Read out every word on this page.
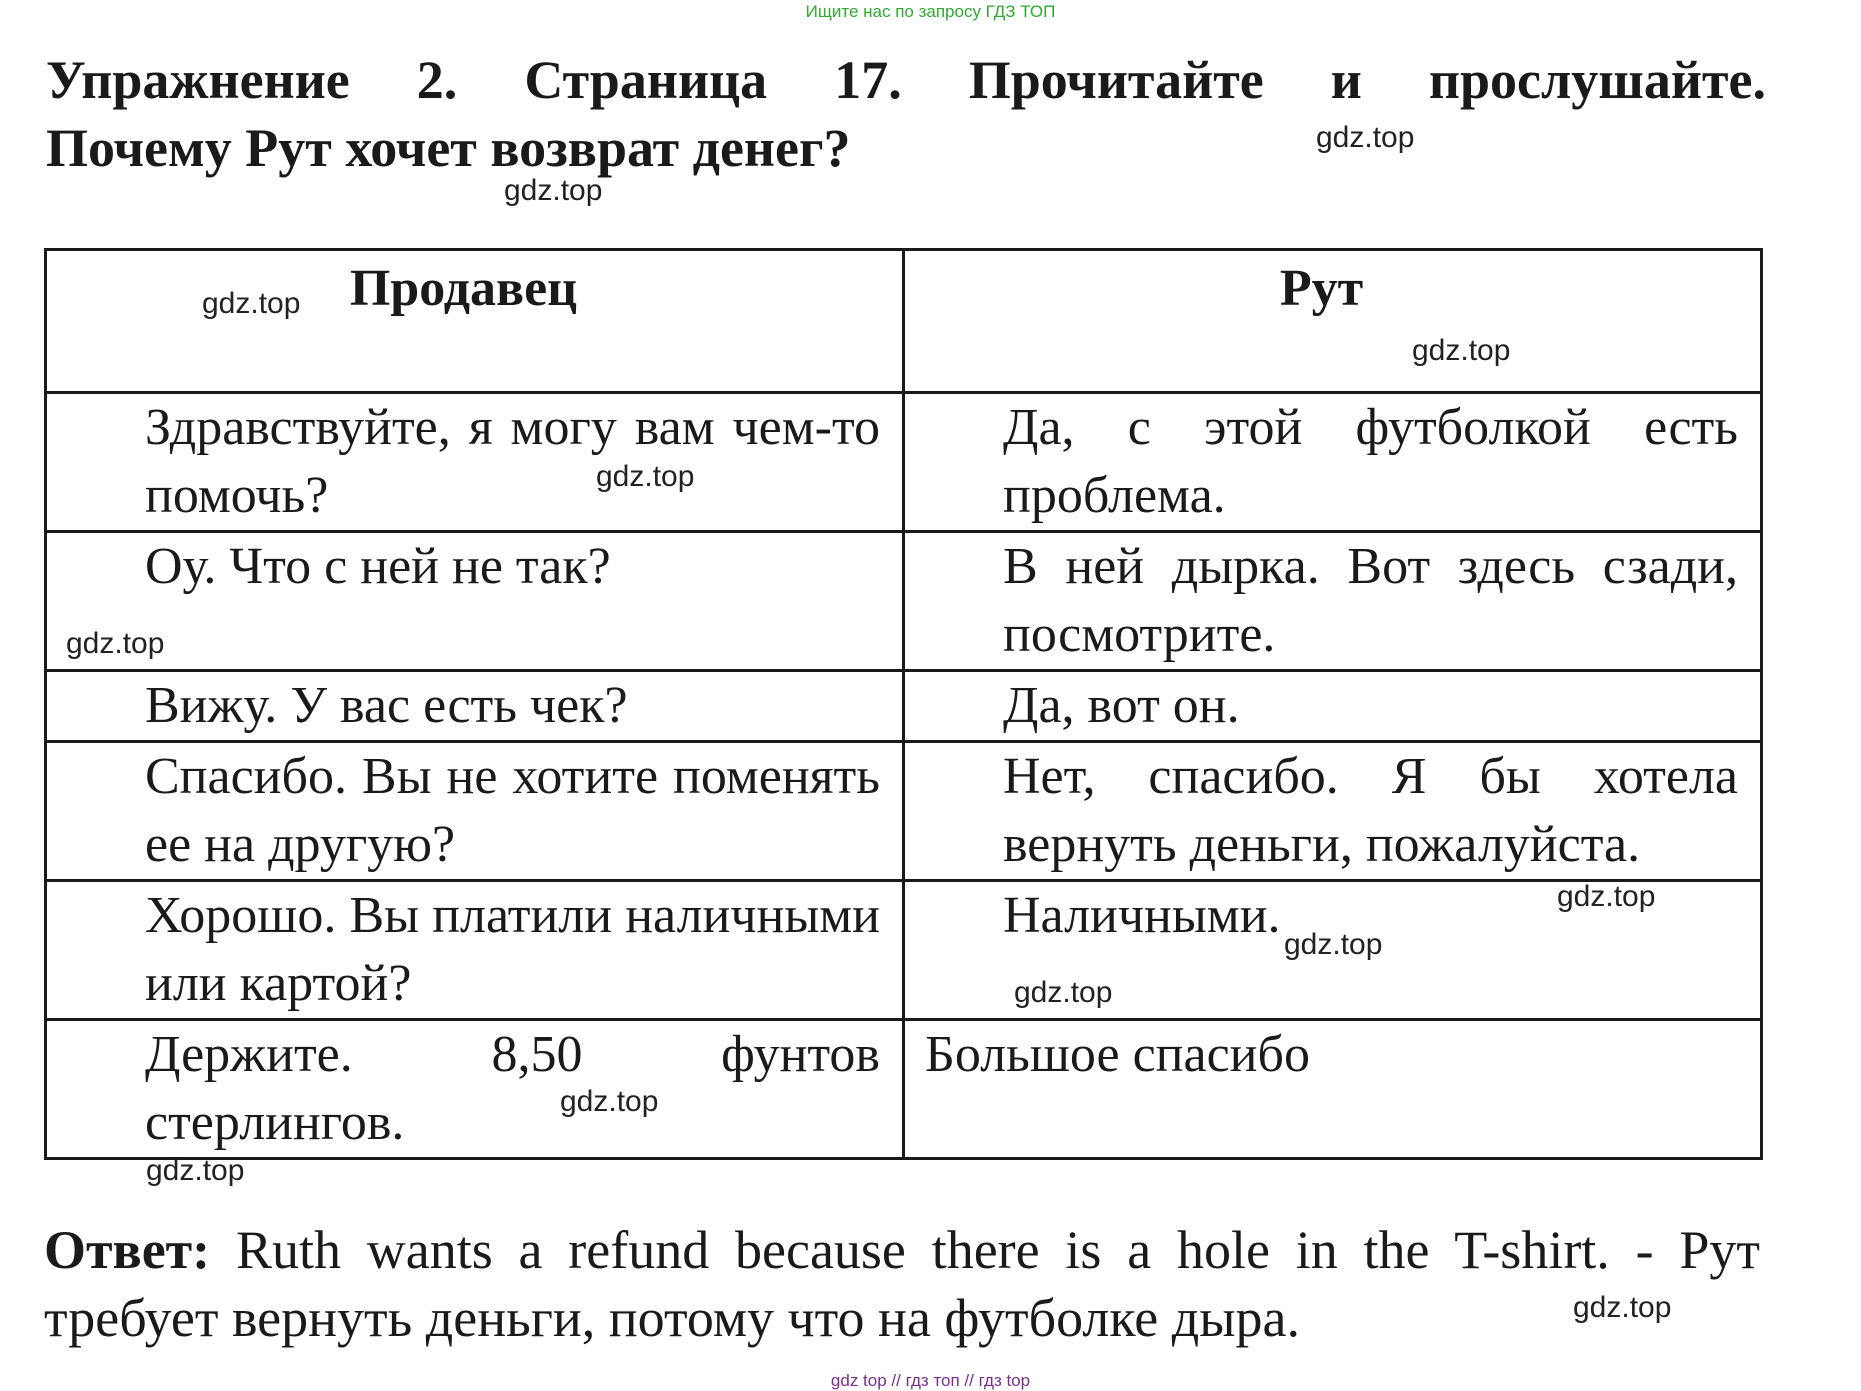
Ищите нас по запросу ГДЗ ТОП
Упражнение 2. Страница 17. Прочитайте и прослушайте.
Почему Рут хочет возврат денег?
Продавец	Рут

Здравствуйте, я могу вам чем-то помочь?	Да, с этой футболкой есть проблема.

Оу. Что с ней не так?	В ней дырка. Вот здесь сзади, посмотрите.

Вижу. У вас есть чек?	Да, вот он.

Спасибо. Вы не хотите поменять ее на другую?	Нет, спасибо. Я бы хотела вернуть деньги, пожалуйста.

Хорошо. Вы платили наличными или картой?	Наличными.

Держите. 8,50 фунтов стерлингов.	Большое спасибо
Ответ: Ruth wants a refund because there is a hole in the T-shirt. - Рут требует вернуть деньги, потому что на футболке дыра.
gdz.top
gdz.top
gdz.top
gdz.top
gdz.top
gdz.top
gdz.top
gdz.top
gdz.top
gdz.top
gdz.top
gdz.top
gdz top // гдз топ // гдз top
